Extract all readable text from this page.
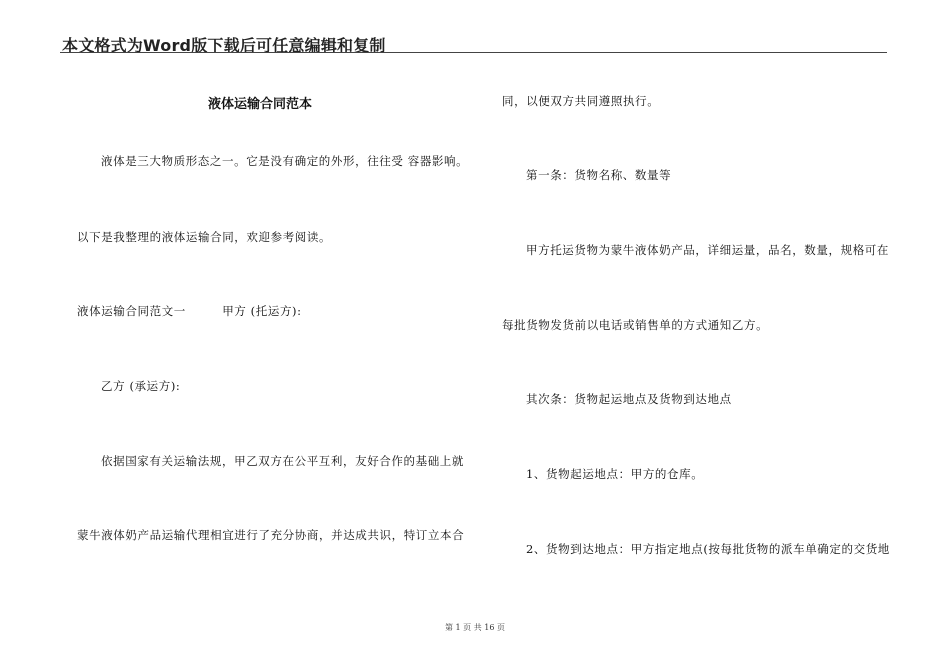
本文格式为Word版下载后可任意编辑和复制
液体运输合同范本
液体是三大物质形态之一。它是没有确定的外形，往往受 容器影响。
以下是我整理的液体运输合同，欢迎参考阅读。
液体运输合同范文一　　　甲方 (托运方):
乙方 (承运方):
依据国家有关运输法规，甲乙双方在公平互利，友好合作的基础上就
蒙牛液体奶产品运输代理相宜进行了充分协商，并达成共识，特订立本合
同，以便双方共同遵照执行。
第一条：货物名称、数量等
甲方托运货物为蒙牛液体奶产品，详细运量，品名，数量，规格可在
每批货物发货前以电话或销售单的方式通知乙方。
其次条：货物起运地点及货物到达地点
1、货物起运地点：甲方的仓库。
2、货物到达地点：甲方指定地点(按每批货物的派车单确定的交货地
第 1 页 共 16 页
